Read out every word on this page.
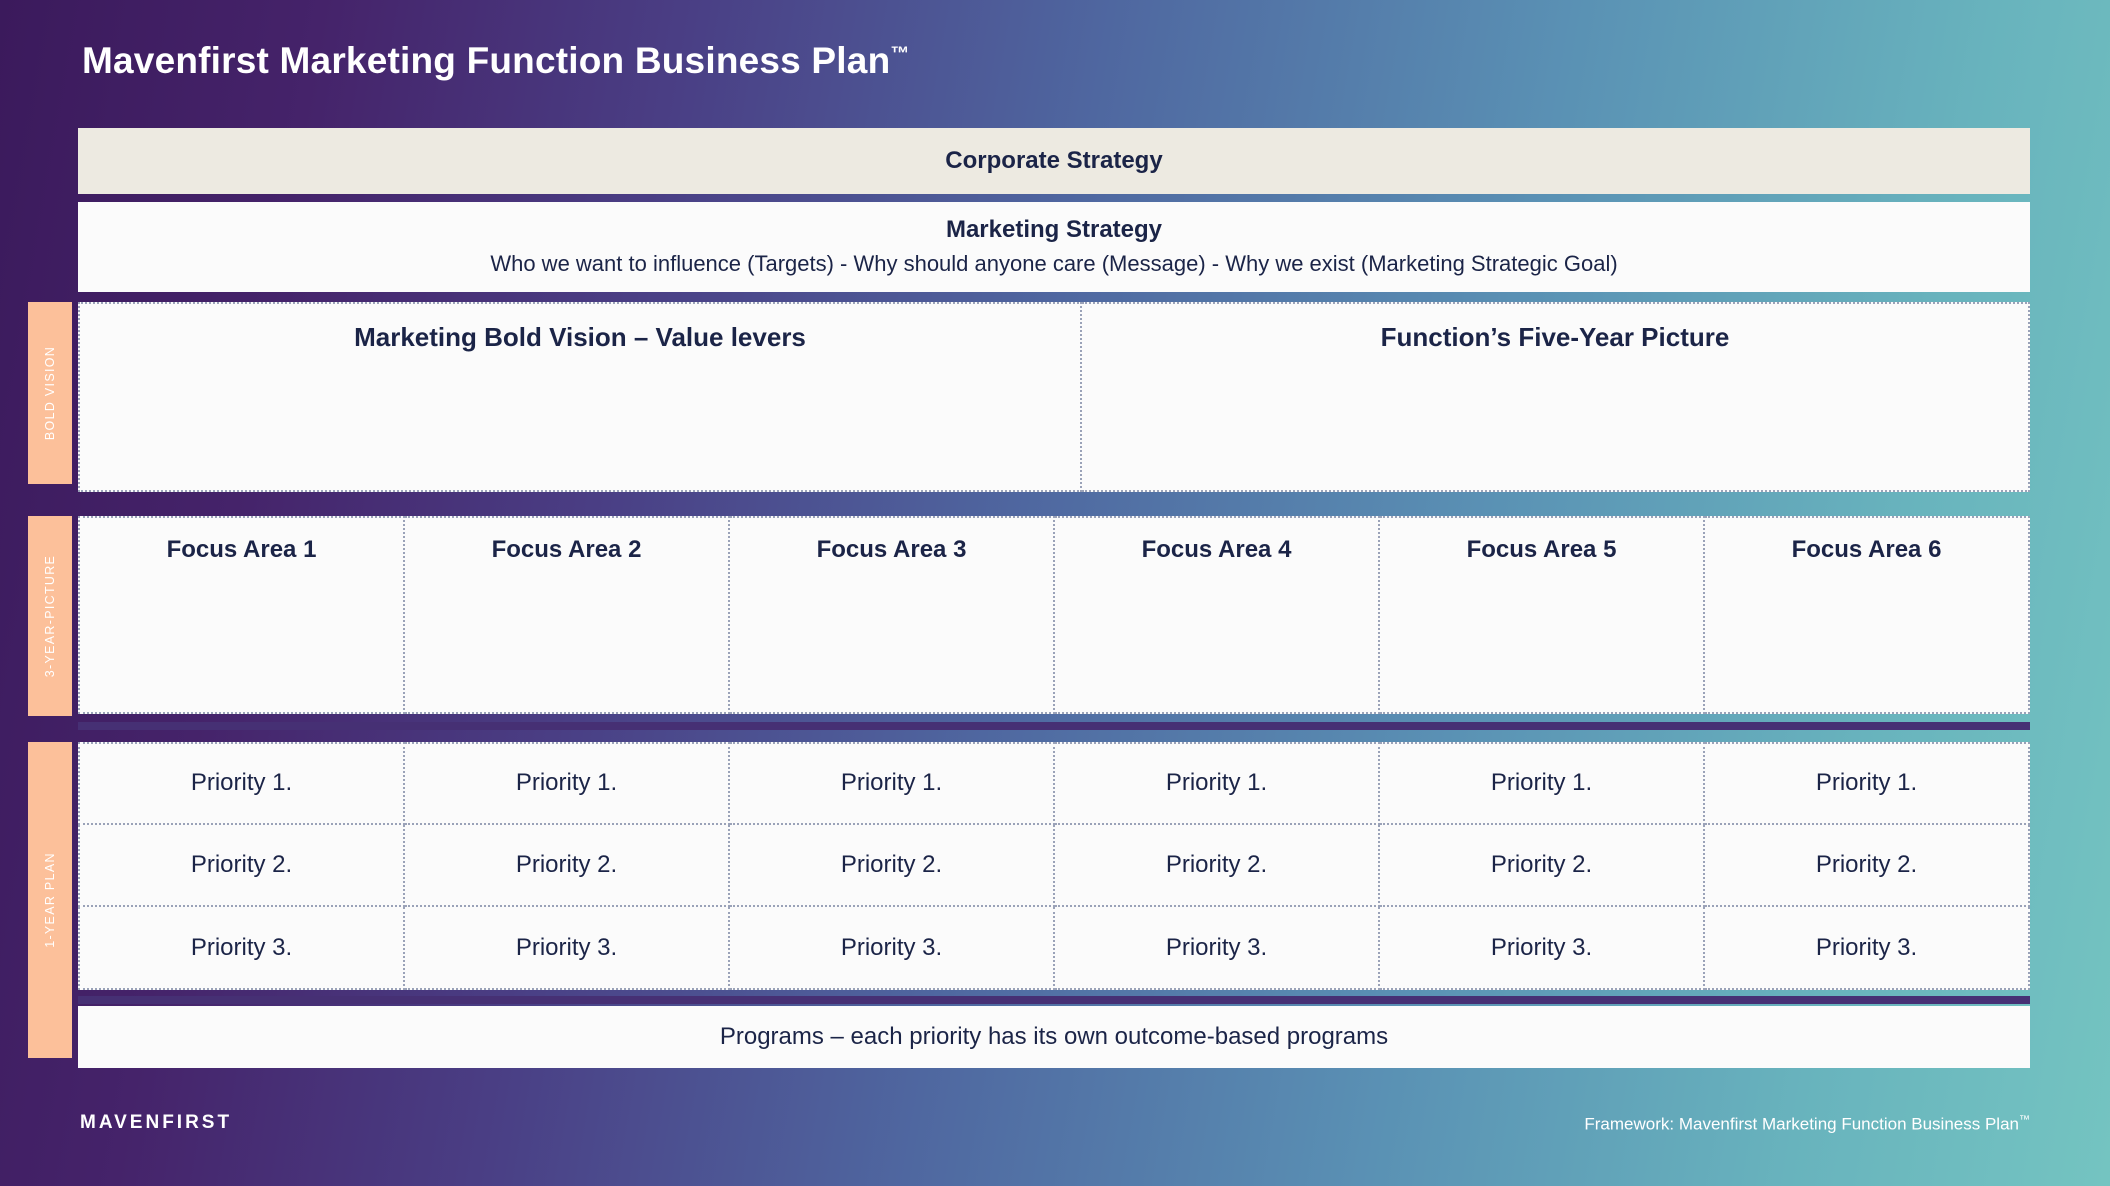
Mavenfirst Marketing Function Business Plan™
Corporate Strategy
Marketing Strategy
Who we want to influence (Targets) - Why should anyone care (Message) - Why we exist (Marketing Strategic Goal)
BOLD VISION
3-YEAR-PICTURE
1-YEAR PLAN
Marketing Bold Vision – Value levers	Function’s Five-Year Picture
Focus Area 1	Focus Area 2	Focus Area 3	Focus Area 4	Focus Area 5	Focus Area 6
Priority 1.	Priority 1.	Priority 1.	Priority 1.	Priority 1.	Priority 1.
Priority 2.	Priority 2.	Priority 2.	Priority 2.	Priority 2.	Priority 2.
Priority 3.	Priority 3.	Priority 3.	Priority 3.	Priority 3.	Priority 3.
Programs – each priority has its own outcome-based programs
MAVENFIRST	Framework: Mavenfirst Marketing Function Business Plan™
